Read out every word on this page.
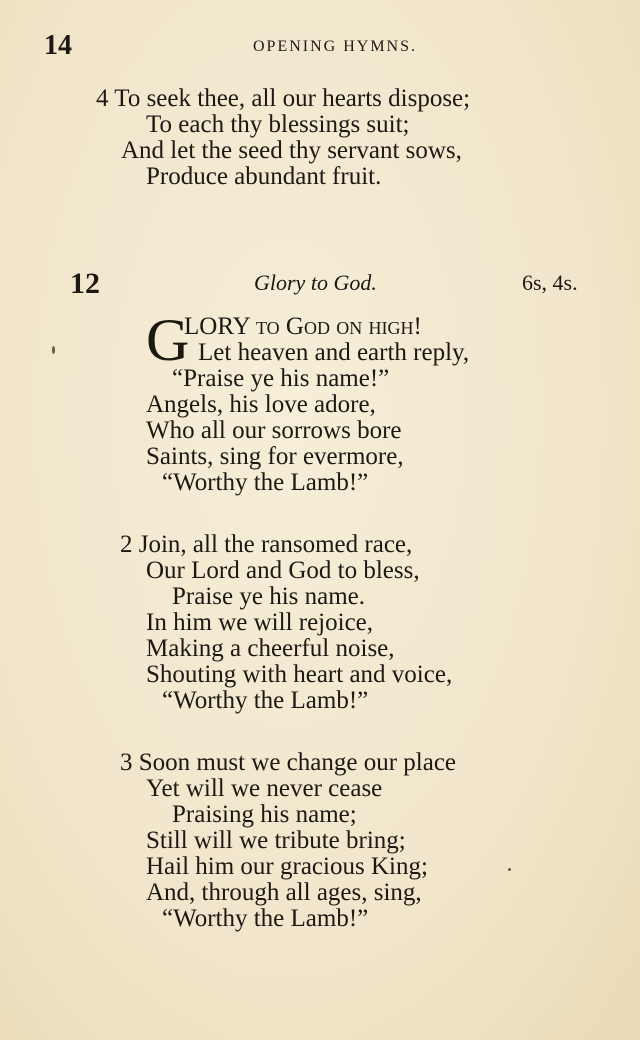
14	OPENING HYMNS.
4 To seek thee, all our hearts dispose;
To each thy blessings suit;
And let the seed thy servant sows,
Produce abundant fruit.
12	Glory to God.	6s, 4s.
G
LORY to God on high!
Let heaven and earth reply,
“Praise ye his name!”
Angels, his love adore,
Who all our sorrows bore
Saints, sing for evermore,
“Worthy the Lamb!”
2 Join, all the ransomed race,
Our Lord and God to bless,
Praise ye his name.
In him we will rejoice,
Making a cheerful noise,
Shouting with heart and voice,
“Worthy the Lamb!”
3 Soon must we change our place
Yet will we never cease
Praising his name;
Still will we tribute bring;
Hail him our gracious King;
And, through all ages, sing,
“Worthy the Lamb!”
